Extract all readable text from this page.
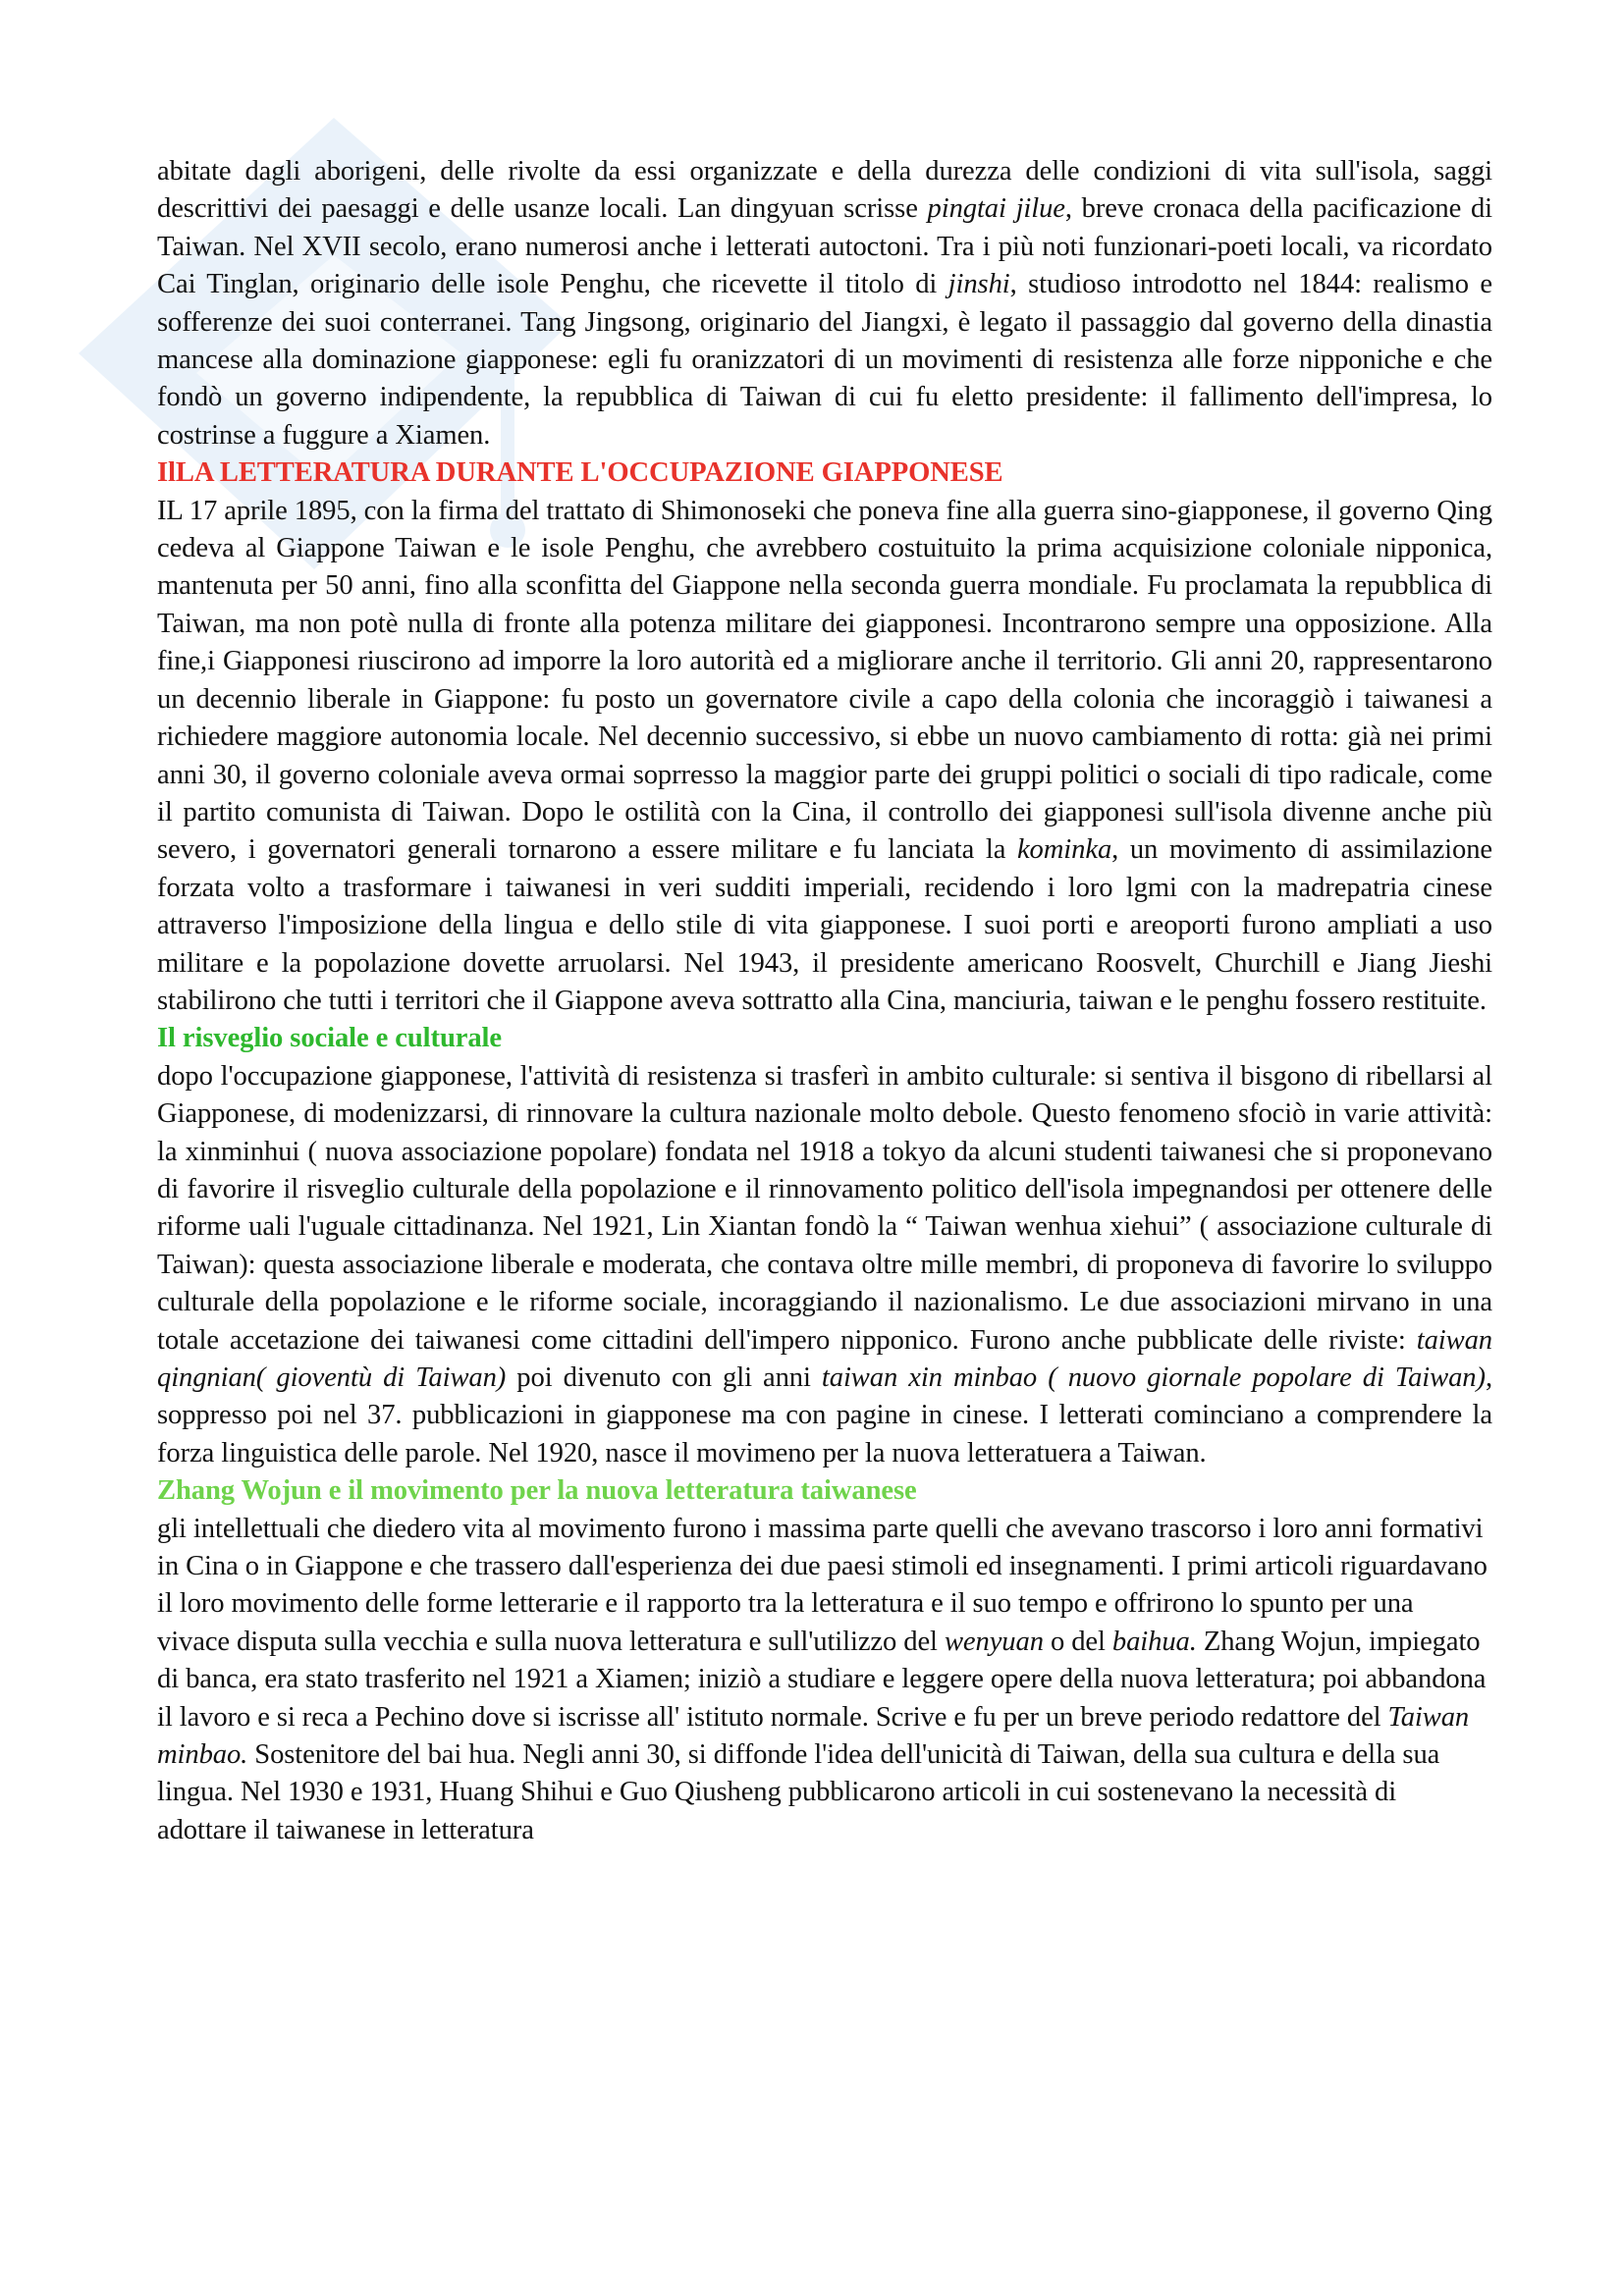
abitate dagli aborigeni, delle rivolte da essi organizzate e della durezza delle condizioni di vita sull'isola, saggi descrittivi dei paesaggi e delle usanze locali. Lan dingyuan scrisse pingtai jilue, breve cronaca della pacificazione di Taiwan. Nel XVII secolo, erano numerosi anche i letterati autoctoni. Tra i più noti funzionari-poeti locali, va ricordato Cai Tinglan, originario delle isole Penghu, che ricevette il titolo di jinshi, studioso introdotto nel 1844: realismo e sofferenze dei suoi conterranei. Tang Jingsong, originario del Jiangxi, è legato il passaggio dal governo della dinastia mancese alla dominazione giapponese: egli fu oranizzatori di un movimenti di resistenza alle forze nipponiche e che fondò un governo indipendente, la repubblica di Taiwan di cui fu eletto presidente: il fallimento dell'impresa, lo costrinse a fuggure a Xiamen.

IlLA LETTERATURA DURANTE L'OCCUPAZIONE GIAPPONESE

IL 17 aprile 1895, con la firma del trattato di Shimonoseki che poneva fine alla guerra sino-giapponese, il governo Qing cedeva al Giappone Taiwan e le isole Penghu, che avrebbero costuituito la prima acquisizione coloniale nipponica, mantenuta per 50 anni, fino alla sconfitta del Giappone nella seconda guerra mondiale. Fu proclamata la repubblica di Taiwan, ma non potè nulla di fronte alla potenza militare dei giapponesi. Incontrarono sempre una opposizione. Alla fine,i Giapponesi riuscirono ad imporre la loro autorità ed a migliorare anche il territorio. Gli anni 20, rappresentarono un decennio liberale in Giappone: fu posto un governatore civile a capo della colonia che incoraggiò i taiwanesi a richiedere maggiore autonomia locale. Nel decennio successivo, si ebbe un nuovo cambiamento di rotta: già nei primi anni 30, il governo coloniale aveva ormai soprresso la maggior parte dei gruppi politici o sociali di tipo radicale, come il partito comunista di Taiwan. Dopo le ostilità con la Cina, il controllo dei giapponesi sull'isola divenne anche più severo, i governatori generali tornarono a essere militare e fu lanciata la kominka, un movimento di assimilazione forzata volto a trasformare i taiwanesi in veri sudditi imperiali, recidendo i loro lgmi con la madrepatria cinese attraverso l'imposizione della lingua e dello stile di vita giapponese. I suoi porti e areoporti furono ampliati a uso militare e la popolazione dovette arruolarsi. Nel 1943, il presidente americano Roosvelt, Churchill e Jiang Jieshi stabilirono che tutti i territori che il Giappone aveva sottratto alla Cina, manciuria, taiwan e le penghu fossero restituite.

Il risveglio sociale e culturale

dopo l'occupazione giapponese, l'attività di resistenza si trasferì in ambito culturale: si sentiva il bisgono di ribellarsi al Giapponese, di modenizzarsi, di rinnovare la cultura nazionale molto debole. Questo fenomeno sfociò in varie attività: la xinminhui ( nuova associazione popolare) fondata nel 1918 a tokyo da alcuni studenti taiwanesi che si proponevano di favorire il risveglio culturale della popolazione e il rinnovamento politico dell'isola impegnandosi per ottenere delle riforme uali l'uguale cittadinanza. Nel 1921, Lin Xiantan fondò la “ Taiwan wenhua xiehui” ( associazione culturale di Taiwan): questa associazione liberale e moderata, che contava oltre mille membri, di proponeva di favorire lo sviluppo culturale della popolazione e le riforme sociale, incoraggiando il nazionalismo. Le due associazioni mirvano in una totale accetazione dei taiwanesi come cittadini dell'impero nipponico. Furono anche pubblicate delle riviste: taiwan qingnian( gioventù di Taiwan) poi divenuto con gli anni taiwan xin minbao ( nuovo giornale popolare di Taiwan), soppresso poi nel 37. pubblicazioni in giapponese ma con pagine in cinese. I letterati cominciano a comprendere la forza linguistica delle parole. Nel 1920, nasce il movimeno per la nuova letteratuera a Taiwan.

Zhang Wojun e il movimento per la nuova letteratura taiwanese

gli intellettuali che diedero vita al movimento furono i massima parte quelli che avevano trascorso i loro anni formativi in Cina o in Giappone e che trassero dall'esperienza dei due paesi stimoli ed insegnamenti. I primi articoli riguardavano il loro movimento delle forme letterarie e il rapporto tra la letteratura e il suo tempo e offrirono lo spunto per una vivace disputa sulla vecchia e sulla nuova letteratura e sull'utilizzo del wenyuan o del baihua. Zhang Wojun, impiegato di banca, era stato trasferito nel 1921 a Xiamen; iniziò a studiare e leggere opere della nuova letteratura; poi abbandona il lavoro e si reca a Pechino dove si iscrisse all' istituto normale. Scrive e fu per un breve periodo redattore del Taiwan minbao. Sostenitore del bai hua. Negli anni 30, si diffonde l'idea dell'unicità di Taiwan, della sua cultura e della sua lingua. Nel 1930 e 1931, Huang Shihui e Guo Qiusheng pubblicarono articoli in cui sostenevano la necessità di adottare il taiwanese in letteratura
